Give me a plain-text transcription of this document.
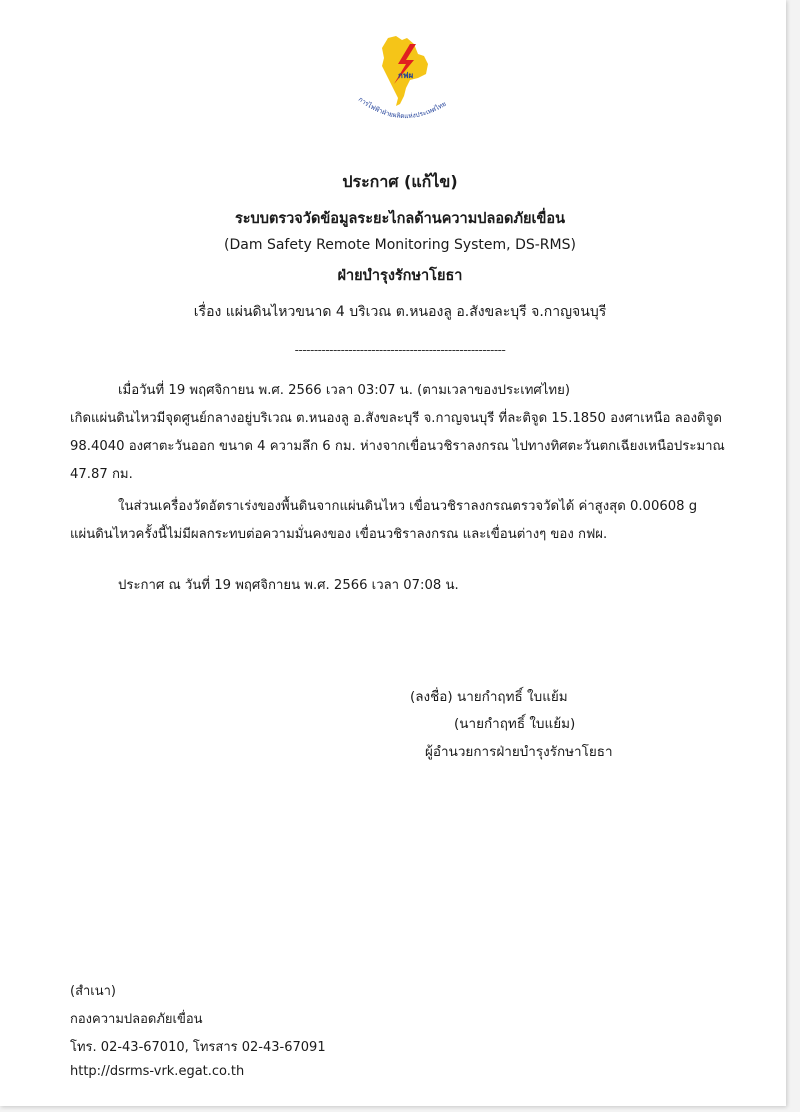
กฟผ
การไฟฟ้าฝ่ายผลิตแห่งประเทศไทย
ประกาศ (แก้ไข)
ระบบตรวจวัดข้อมูลระยะไกลด้านความปลอดภัยเขื่อน
(Dam Safety Remote Monitoring System, DS-RMS)
ฝ่ายบำรุงรักษาโยธา
เรื่อง แผ่นดินไหวขนาด 4 บริเวณ ต.หนองลู อ.สังขละบุรี จ.กาญจนบุรี
-------------------------------------------------------
เมื่อวันที่ 19 พฤศจิกายน พ.ศ. 2566 เวลา 03:07 น. (ตามเวลาของประเทศไทย)
เกิดแผ่นดินไหวมีจุดศูนย์กลางอยู่บริเวณ ต.หนองลู อ.สังขละบุรี จ.กาญจนบุรี ที่ละติจูด 15.1850 องศาเหนือ ลองติจูด
98.4040 องศาตะวันออก ขนาด 4 ความลึก 6 กม. ห่างจากเขื่อนวชิราลงกรณ ไปทางทิศตะวันตกเฉียงเหนือประมาณ
47.87 กม.
ในส่วนเครื่องวัดอัตราเร่งของพื้นดินจากแผ่นดินไหว เขื่อนวชิราลงกรณตรวจวัดได้ ค่าสูงสุด 0.00608 g
แผ่นดินไหวครั้งนี้ไม่มีผลกระทบต่อความมั่นคงของ เขื่อนวชิราลงกรณ และเขื่อนต่างๆ ของ กฟผ.
ประกาศ ณ วันที่ 19 พฤศจิกายน พ.ศ. 2566 เวลา 07:08 น.
(ลงชื่อ) นายกำฤทธิ์ ใบแย้ม
(นายกำฤทธิ์ ใบแย้ม)
ผู้อำนวยการฝ่ายบำรุงรักษาโยธา
(สำเนา)
กองความปลอดภัยเขื่อน
โทร. 02-43-67010, โทรสาร 02-43-67091
http://dsrms-vrk.egat.co.th
